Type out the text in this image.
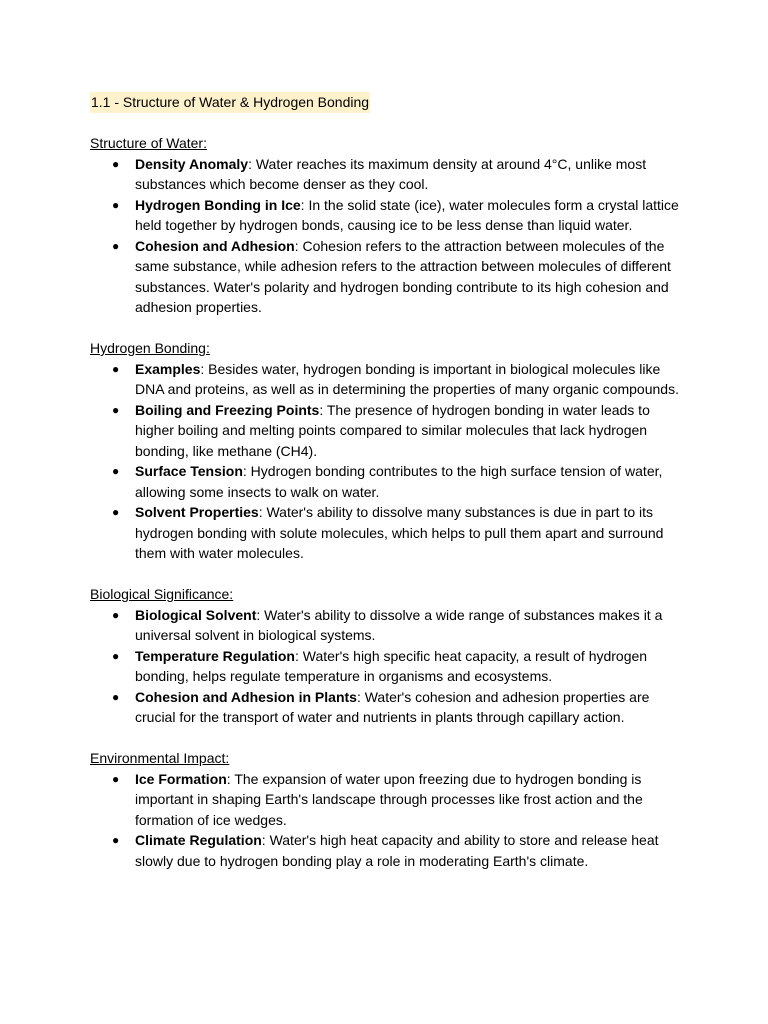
1.1 - Structure of Water & Hydrogen Bonding
Structure of Water:
● Density Anomaly: Water reaches its maximum density at around 4°C, unlike most substances which become denser as they cool.
● Hydrogen Bonding in Ice: In the solid state (ice), water molecules form a crystal lattice held together by hydrogen bonds, causing ice to be less dense than liquid water.
● Cohesion and Adhesion: Cohesion refers to the attraction between molecules of the same substance, while adhesion refers to the attraction between molecules of different substances. Water's polarity and hydrogen bonding contribute to its high cohesion and adhesion properties.
Hydrogen Bonding:
● Examples: Besides water, hydrogen bonding is important in biological molecules like DNA and proteins, as well as in determining the properties of many organic compounds.
● Boiling and Freezing Points: The presence of hydrogen bonding in water leads to higher boiling and melting points compared to similar molecules that lack hydrogen bonding, like methane (CH4).
● Surface Tension: Hydrogen bonding contributes to the high surface tension of water, allowing some insects to walk on water.
● Solvent Properties: Water's ability to dissolve many substances is due in part to its hydrogen bonding with solute molecules, which helps to pull them apart and surround them with water molecules.
Biological Significance:
● Biological Solvent: Water's ability to dissolve a wide range of substances makes it a universal solvent in biological systems.
● Temperature Regulation: Water's high specific heat capacity, a result of hydrogen bonding, helps regulate temperature in organisms and ecosystems.
● Cohesion and Adhesion in Plants: Water's cohesion and adhesion properties are crucial for the transport of water and nutrients in plants through capillary action.
Environmental Impact:
● Ice Formation: The expansion of water upon freezing due to hydrogen bonding is important in shaping Earth's landscape through processes like frost action and the formation of ice wedges.
● Climate Regulation: Water's high heat capacity and ability to store and release heat slowly due to hydrogen bonding play a role in moderating Earth's climate.
